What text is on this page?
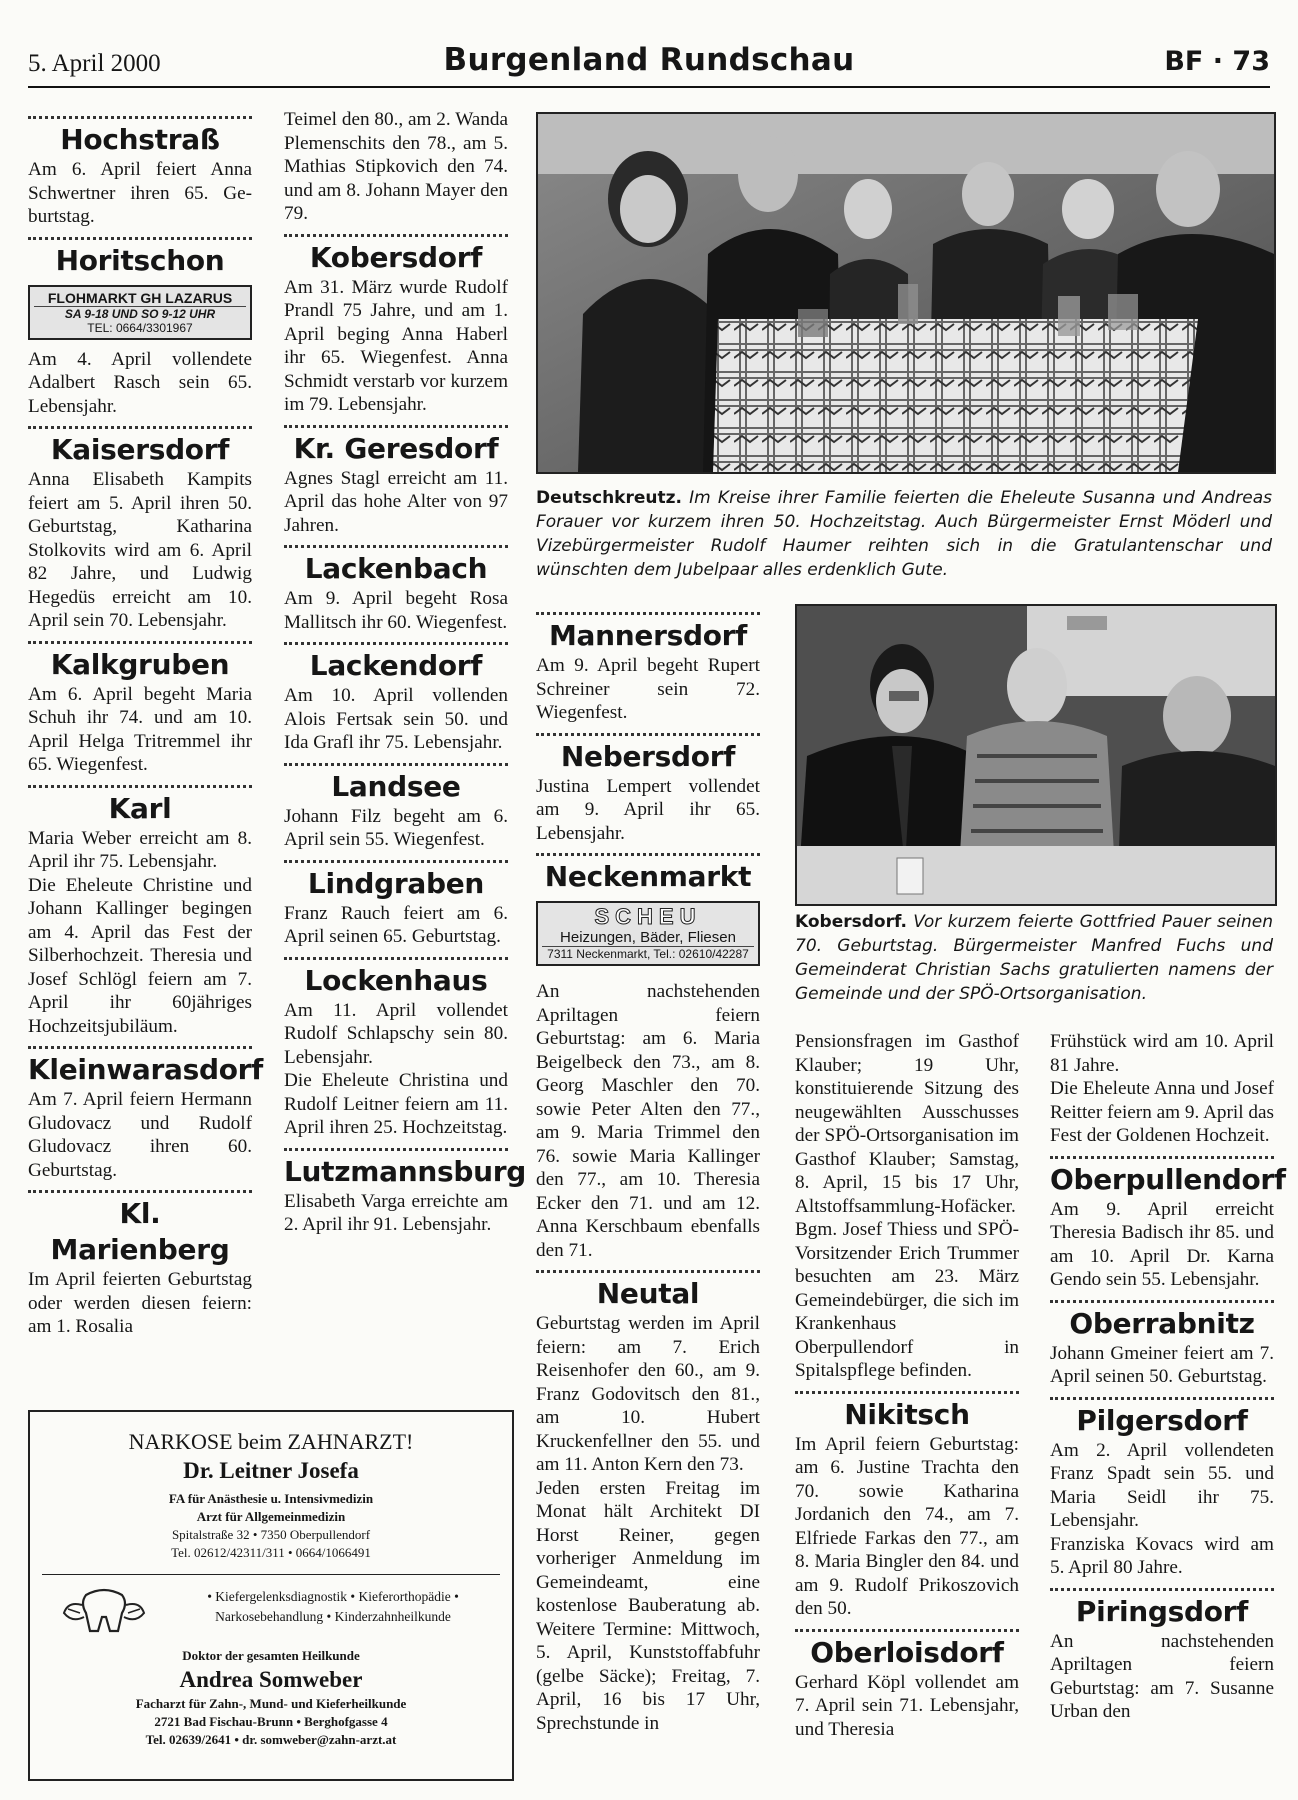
5. April 2000	Burgenland Rundschau	BF · 73
Hochstraß

Am 6. April feiert Anna Schwertner ihren 65. Ge-burtstag.

Horitschon
FLOHMARKT GH LAZARUS
SA 9-18 UND SO 9-12 UHR
TEL: 0664/3301967

Am 4. April vollendete Adalbert Rasch sein 65. Lebensjahr.

Kaisersdorf

Anna Elisabeth Kampits feiert am 5. April ihren 50. Geburtstag, Katharina Stolkovits wird am 6. April 82 Jahre, und Ludwig Hegedüs erreicht am 10. April sein 70. Lebensjahr.

Kalkgruben

Am 6. April begeht Maria Schuh ihr 74. und am 10. April Helga Tritremmel ihr 65. Wiegenfest.

Karl

Maria Weber erreicht am 8. April ihr 75. Lebensjahr.

Die Eheleute Christine und Johann Kallinger begingen am 4. April das Fest der Silberhochzeit. Theresia und Josef Schlögl feiern am 7. April ihr 60jähriges Hochzeitsjubiläum.

Kleinwarasdorf

Am 7. April feiern Hermann Gludovacz und Rudolf Gludovacz ihren 60. Geburtstag.

Kl. Marienberg

Im April feierten Geburtstag oder werden diesen feiern: am 1. Rosalia

Teimel den 80., am 2. Wanda Plemenschits den 78., am 5. Mathias Stipkovich den 74. und am 8. Johann Mayer den 79.

Kobersdorf

Am 31. März wurde Rudolf Prandl 75 Jahre, und am 1. April beging Anna Haberl ihr 65. Wiegenfest. Anna Schmidt verstarb vor kurzem im 79. Lebensjahr.

Kr. Geresdorf

Agnes Stagl erreicht am 11. April das hohe Alter von 97 Jahren.

Lackenbach

Am 9. April begeht Rosa Mallitsch ihr 60. Wiegenfest.

Lackendorf

Am 10. April vollenden Alois Fertsak sein 50. und Ida Grafl ihr 75. Lebensjahr.

Landsee

Johann Filz begeht am 6. April sein 55. Wiegenfest.

Lindgraben

Franz Rauch feiert am 6. April seinen 65. Geburtstag.

Lockenhaus

Am 11. April vollendet Rudolf Schlapschy sein 80. Lebensjahr.

Die Eheleute Christina und Rudolf Leitner feiern am 11. April ihren 25. Hochzeitstag.

Lutzmannsburg

Elisabeth Varga erreichte am 2. April ihr 91. Lebensjahr.

Deutschkreutz. Im Kreise ihrer Familie feierten die Eheleute Susanna und Andreas Forauer vor kurzem ihren 50. Hochzeitstag. Auch Bürgermeister Ernst Möderl und Vizebürgermeister Rudolf Haumer reihten sich in die Gratulantenschar und wünschten dem Jubelpaar alles erdenklich Gute.
Mannersdorf

Am 9. April begeht Rupert Schreiner sein 72. Wiegenfest.

Nebersdorf

Justina Lempert vollendet am 9. April ihr 65. Lebensjahr.

Neckenmarkt
SCHEU
Heizungen, Bäder, Fliesen
7311 Neckenmarkt, Tel.: 02610/42287

An nachstehenden Apriltagen feiern Geburtstag: am 6. Maria Beigelbeck den 73., am 8. Georg Maschler den 70. sowie Peter Alten den 77., am 9. Maria Trimmel den 76. sowie Maria Kallinger den 77., am 10. Theresia Ecker den 71. und am 12. Anna Kerschbaum ebenfalls den 71.

Neutal

Geburtstag werden im April feiern: am 7. Erich Reisenhofer den 60., am 9. Franz Godovitsch den 81., am 10. Hubert Kruckenfellner den 55. und am 11. Anton Kern den 73.

Jeden ersten Freitag im Monat hält Architekt DI Horst Reiner, gegen vorheriger Anmeldung im Gemeindeamt, eine kostenlose Bauberatung ab. Weitere Termine: Mittwoch, 5. April, Kunststoffabfuhr (gelbe Säcke); Freitag, 7. April, 16 bis 17 Uhr, Sprechstunde in

Kobersdorf. Vor kurzem feierte Gottfried Pauer seinen 70. Geburtstag. Bürgermeister Manfred Fuchs und Gemeinderat Christian Sachs gratulierten namens der Gemeinde und der SPÖ-Ortsorganisation.

Pensionsfragen im Gasthof Klauber; 19 Uhr, konstituierende Sitzung des neugewählten Ausschusses der SPÖ-Ortsorganisation im Gasthof Klauber; Samstag, 8. April, 15 bis 17 Uhr, Altstoffsammlung-Hofäcker.

Bgm. Josef Thiess und SPÖ-Vorsitzender Erich Trummer besuchten am 23. März Gemeindebürger, die sich im Krankenhaus Oberpullendorf in Spitalspflege befinden.

Nikitsch

Im April feiern Geburtstag: am 6. Justine Trachta den 70. sowie Katharina Jordanich den 74., am 7. Elfriede Farkas den 77., am 8. Maria Bingler den 84. und am 9. Rudolf Prikoszovich den 50.

Oberloisdorf

Gerhard Köpl vollendet am 7. April sein 71. Lebensjahr, und Theresia

Frühstück wird am 10. April 81 Jahre.

Die Eheleute Anna und Josef Reitter feiern am 9. April das Fest der Goldenen Hochzeit.

Oberpullendorf

Am 9. April erreicht Theresia Badisch ihr 85. und am 10. April Dr. Karna Gendo sein 55. Lebensjahr.

Oberrabnitz

Johann Gmeiner feiert am 7. April seinen 50. Geburtstag.

Pilgersdorf

Am 2. April vollendeten Franz Spadt sein 55. und Maria Seidl ihr 75. Lebensjahr.

Franziska Kovacs wird am 5. April 80 Jahre.

Piringsdorf

An nachstehenden Apriltagen feiern Geburtstag: am 7. Susanne Urban den

NARKOSE beim ZAHNARZT!
Dr. Leitner Josefa
FA für Anästhesie u. Intensivmedizin
Arzt für Allgemeinmedizin
Spitalstraße 32 • 7350 Oberpullendorf
Tel. 02612/42311/311 • 0664/1066491
• Kiefergelenksdiagnostik • Kieferorthopädie •
Narkosebehandlung • Kinderzahnheilkunde
Doktor der gesamten Heilkunde
Andrea Somweber
Facharzt für Zahn-, Mund- und Kieferheilkunde
2721 Bad Fischau-Brunn • Berghofgasse 4
Tel. 02639/2641 • dr. somweber@zahn-arzt.at
